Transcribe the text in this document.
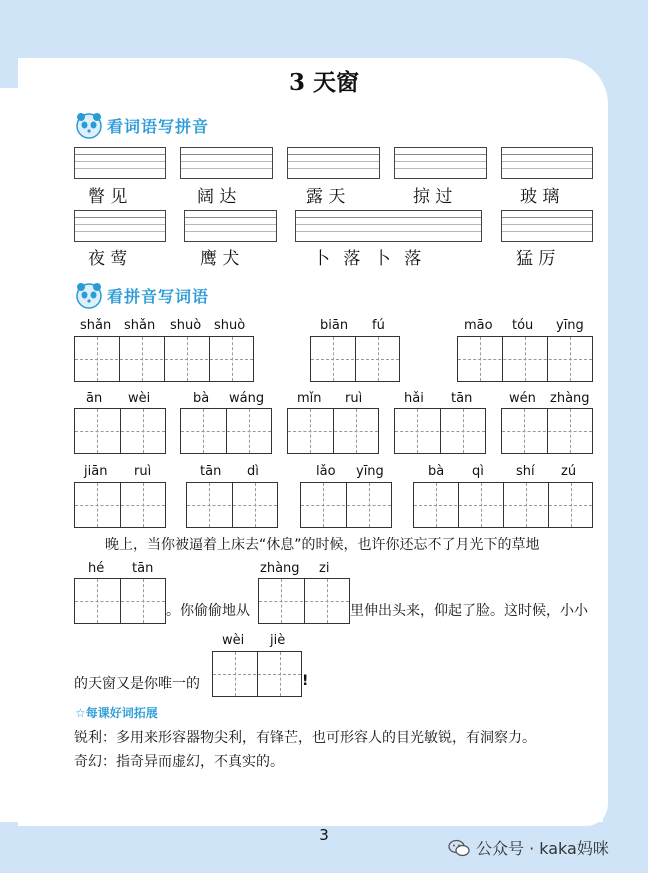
3 天窗
看词语写拼音
瞥 见	阔 达	露 天	掠 过	玻 璃
夜 莺	鹰 犬	卜 落 卜 落	猛 厉
看拼音写词语
shǎn shǎn shuò shuò	biān fú	māo tóu yīng
ān wèi	bà wáng	mǐn ruì	hǎi tān	wén zhàng
jiān ruì	tān dì	lǎo yīng	bà qì shí zú
晚上，当你被逼着上床去“休息”的时候，也许你还忘不了月光下的草地
hé tān	zhàng zi
。你偷偷地从	里伸出头来，仰起了脸。这时候，小小
wèi jiè
的天窗又是你唯一的	!
☆每课好词拓展
锐利：多用来形容器物尖利，有锋芒，也可形容人的目光敏锐，有洞察力。
奇幻：指奇异而虚幻，不真实的。
3
公众号 · kaka妈咪
